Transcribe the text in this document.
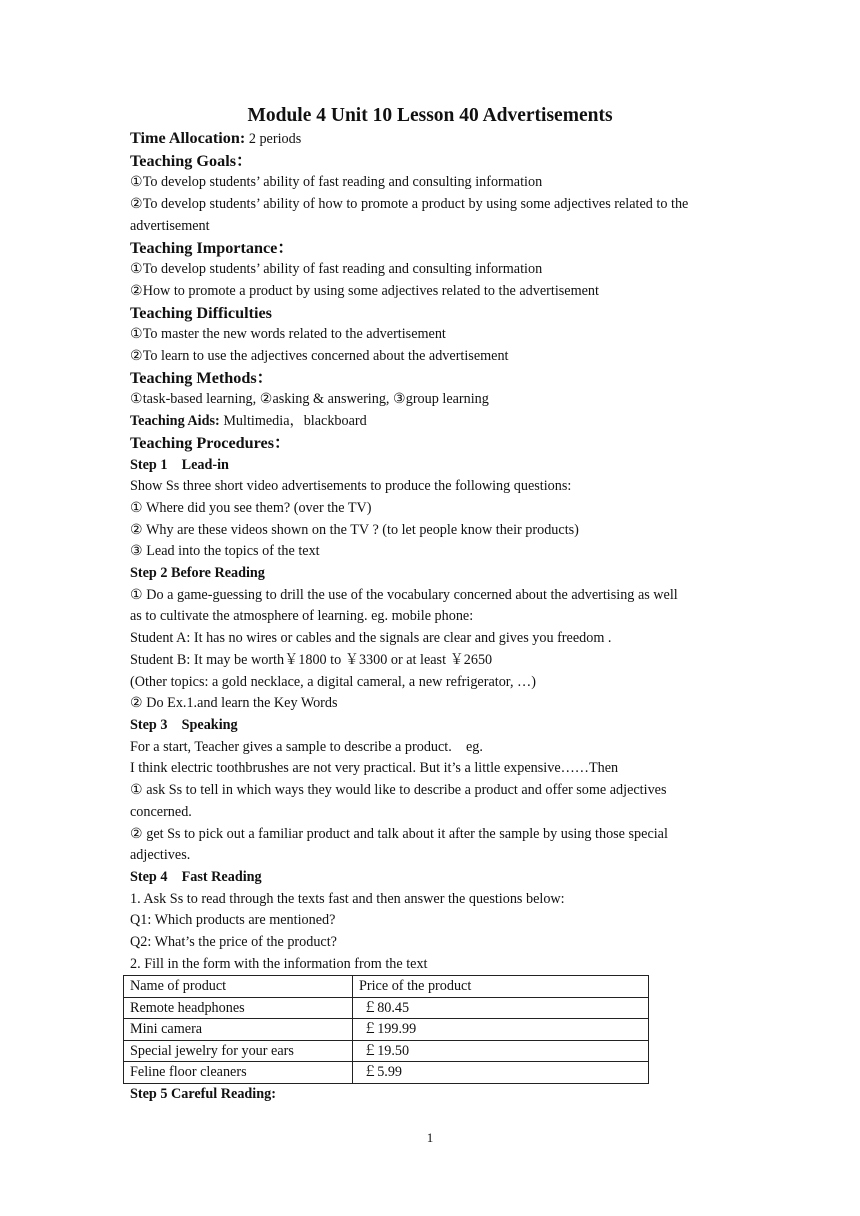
Module 4 Unit 10 Lesson 40 Advertisements
Time Allocation: 2 periods
Teaching Goals：
①To develop students’ ability of fast reading and consulting information
②To develop students’ ability of how to promote a product by using some adjectives related to the advertisement
Teaching Importance：
①To develop students’ ability of fast reading and consulting information
②How to promote a product by using some adjectives related to the advertisement
Teaching Difficulties
①To master the new words related to the advertisement
②To learn to use the adjectives concerned about the advertisement
Teaching Methods：
①task-based learning, ②asking & answering, ③group learning
Teaching Aids: Multimedia，blackboard
Teaching Procedures：
Step 1　Lead-in
Show Ss three short video advertisements to produce the following questions:
① Where did you see them? (over the TV)
② Why are these videos shown on the TV ? (to let people know their products)
③ Lead into the topics of the text
Step 2 Before Reading
① Do a game-guessing to drill the use of the vocabulary concerned about the advertising as well
as to cultivate the atmosphere of learning. eg. mobile phone:
Student A: It has no wires or cables and the signals are clear and gives you freedom .
Student B: It may be worth￥1800 to ￥3300 or at least ￥2650
(Other topics: a gold necklace, a digital cameral, a new refrigerator, …)
② Do Ex.1.and learn the Key Words
Step 3　Speaking
For a start, Teacher gives a sample to describe a product.　eg.
I think electric toothbrushes are not very practical. But it’s a little expensive……Then
① ask Ss to tell in which ways they would like to describe a product and offer some adjectives
concerned.
② get Ss to pick out a familiar product and talk about it after the sample by using those special
adjectives.
Step 4　Fast Reading
1. Ask Ss to read through the texts fast and then answer the questions below:
Q1: Which products are mentioned?
Q2: What’s the price of the product?
2. Fill in the form with the information from the text
Name of product	Price of the product
Remote headphones	￡80.45
Mini camera	￡199.99
Special jewelry for your ears	￡19.50
Feline floor cleaners	￡5.99
Step 5 Careful Reading:
1
